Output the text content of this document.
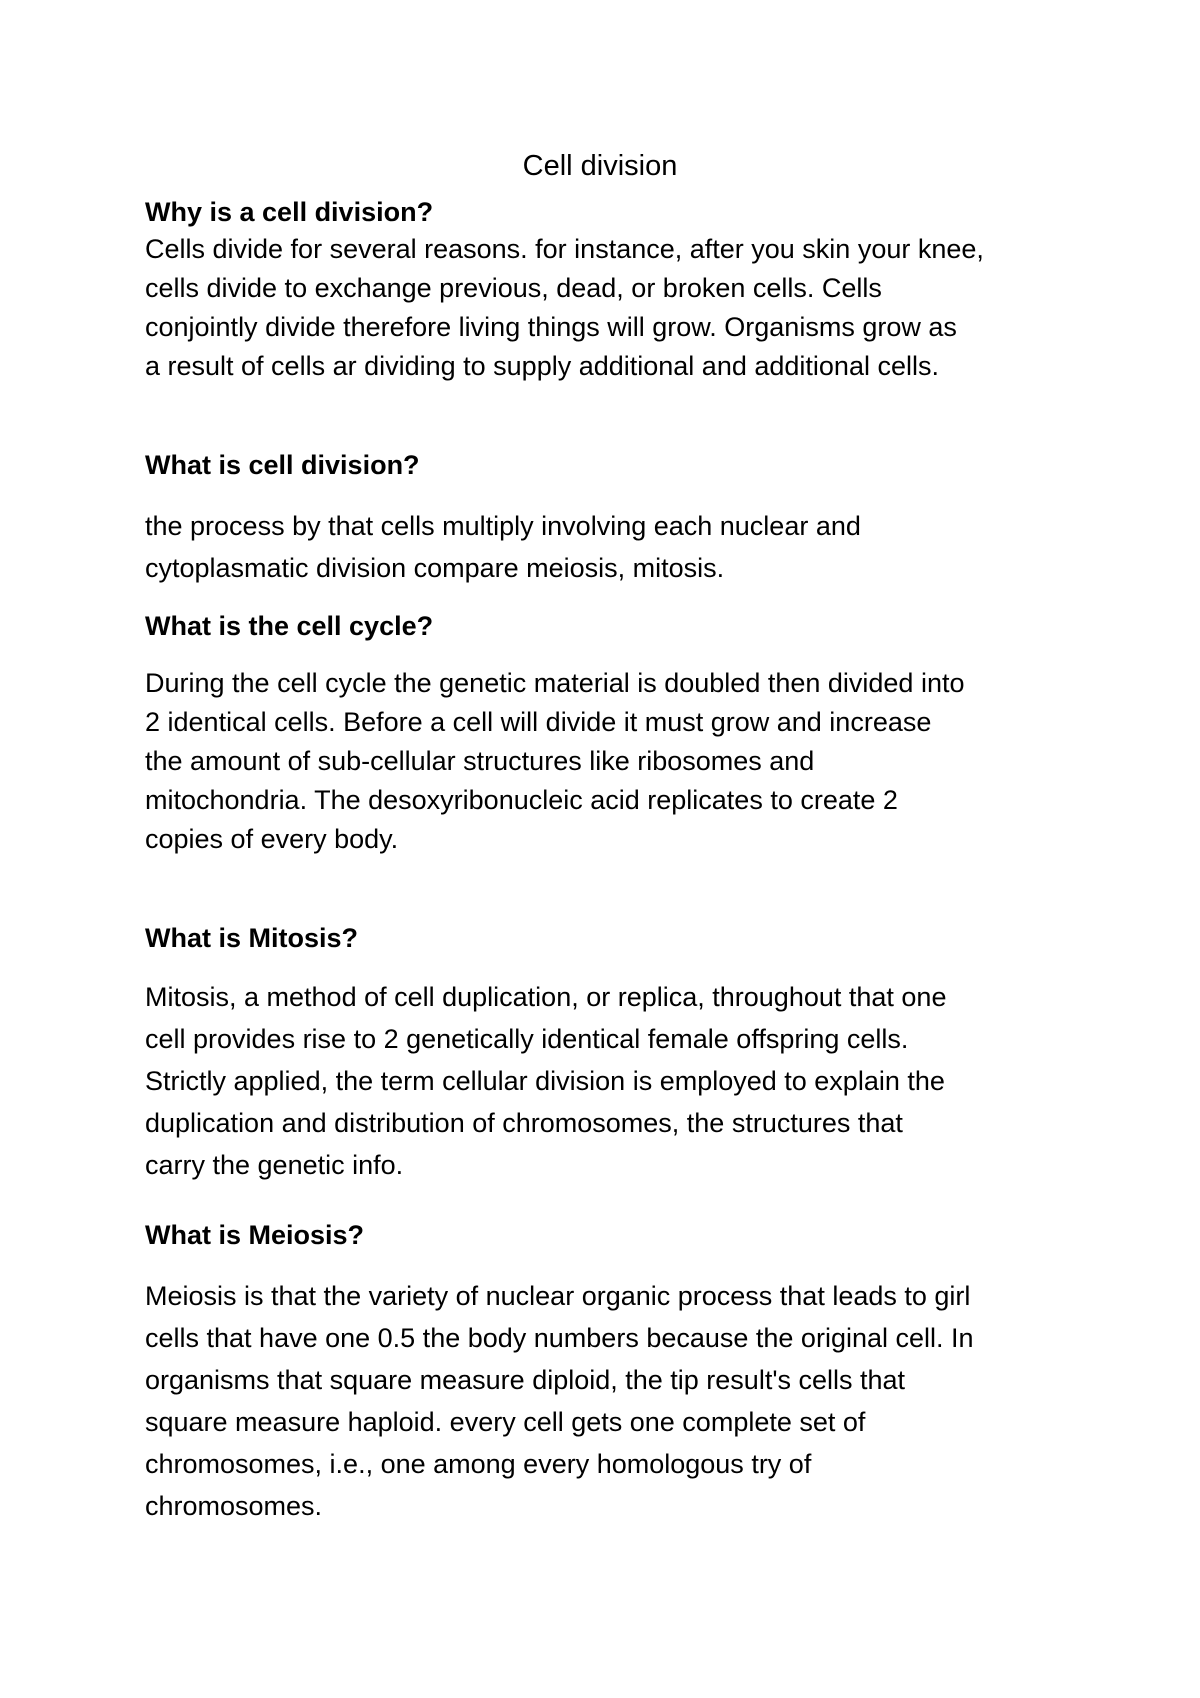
Cell division
Why is a cell division?

Cells divide for several reasons. for instance, after you skin your knee,
cells divide to exchange previous, dead, or broken cells. Cells
conjointly divide therefore living things will grow. Organisms grow as
a result of cells ar dividing to supply additional and additional cells.

What is cell division?

the process by that cells multiply involving each nuclear and
cytoplasmatic division compare meiosis, mitosis.

What is the cell cycle?

During the cell cycle the genetic material is doubled then divided into
2 identical cells. Before a cell will divide it must grow and increase
the amount of sub-cellular structures like ribosomes and
mitochondria. The desoxyribonucleic acid replicates to create 2
copies of every body.

What is Mitosis?

Mitosis, a method of cell duplication, or replica, throughout that one
cell provides rise to 2 genetically identical female offspring cells.
Strictly applied, the term cellular division is employed to explain the
duplication and distribution of chromosomes, the structures that
carry the genetic info.

What is Meiosis?

Meiosis is that the variety of nuclear organic process that leads to girl
cells that have one 0.5 the body numbers because the original cell. In
organisms that square measure diploid, the tip result's cells that
square measure haploid. every cell gets one complete set of
chromosomes, i.e., one among every homologous try of
chromosomes.
